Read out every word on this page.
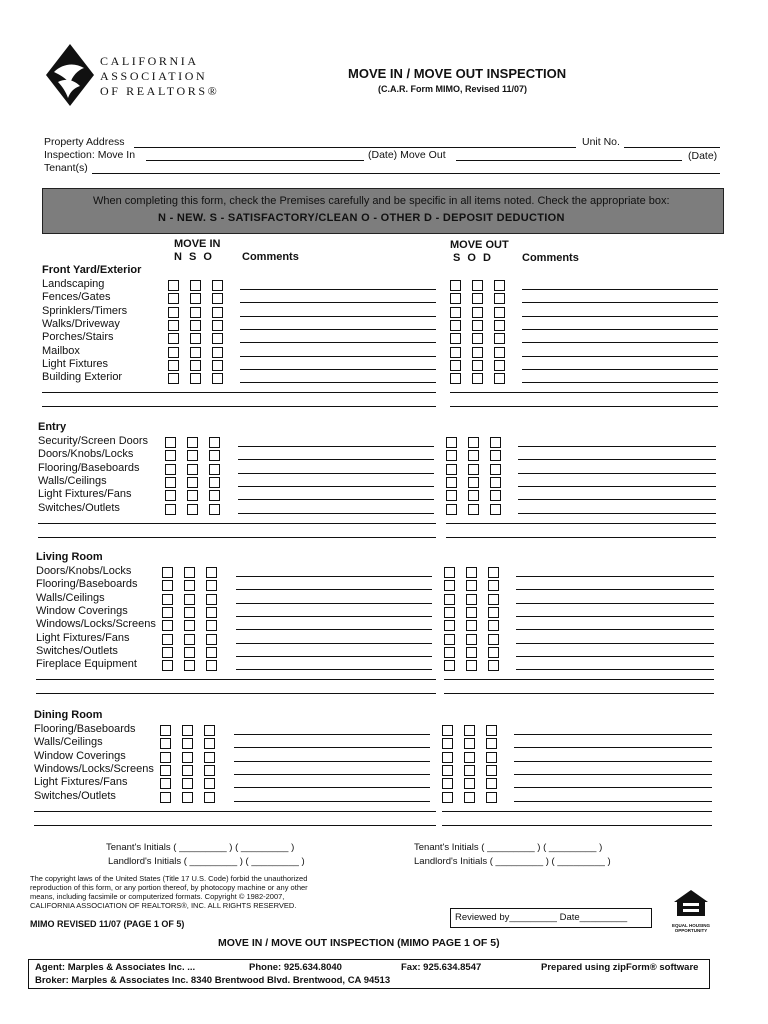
CALIFORNIA
ASSOCIATION
OF REALTORS®
MOVE IN / MOVE OUT INSPECTION
(C.A.R. Form MIMO, Revised 11/07)
Property Address	Unit No.
Inspection: Move In	(Date) Move Out	(Date)
Tenant(s)
When completing this form, check the Premises carefully and be specific in all items noted. Check the appropriate box:
N - NEW. S - SATISFACTORY/CLEAN O - OTHER D - DEPOSIT DEDUCTION
MOVE IN
N S O	Comments
MOVE OUT
S O D	Comments
Front Yard/Exterior
Landscaping
Fences/Gates
Sprinklers/Timers
Walks/Driveway
Porches/Stairs
Mailbox
Light Fixtures
Building Exterior
Entry
Security/Screen Doors
Doors/Knobs/Locks
Flooring/Baseboards
Walls/Ceilings
Light Fixtures/Fans
Switches/Outlets
Living Room
Doors/Knobs/Locks
Flooring/Baseboards
Walls/Ceilings
Window Coverings
Windows/Locks/Screens
Light Fixtures/Fans
Switches/Outlets
Fireplace Equipment
Dining Room
Flooring/Baseboards
Walls/Ceilings
Window Coverings
Windows/Locks/Screens
Light Fixtures/Fans
Switches/Outlets
Tenant's Initials ( _________ ) ( _________ )
Landlord's Initials ( _________ ) ( _________ )
Tenant's Initials ( _________ ) ( _________ )
Landlord's Initials ( _________ ) ( _________ )
The copyright laws of the United States (Title 17 U.S. Code) forbid the unauthorized
reproduction of this form, or any portion thereof, by photocopy machine or any other
means, including facsimile or computerized formats. Copyright © 1982-2007,
CALIFORNIA ASSOCIATION OF REALTORS®, INC. ALL RIGHTS RESERVED.
MIMO REVISED 11/07 (PAGE 1 OF 5)
Reviewed by_________ Date_________
EQUAL HOUSING OPPORTUNITY
MOVE IN / MOVE OUT INSPECTION (MIMO PAGE 1 OF 5)
Agent: Marples & Associates Inc. ...	Phone: 925.634.8040	Fax: 925.634.8547	Prepared using zipForm® software
Broker: Marples & Associates Inc. 8340 Brentwood Blvd. Brentwood, CA 94513
